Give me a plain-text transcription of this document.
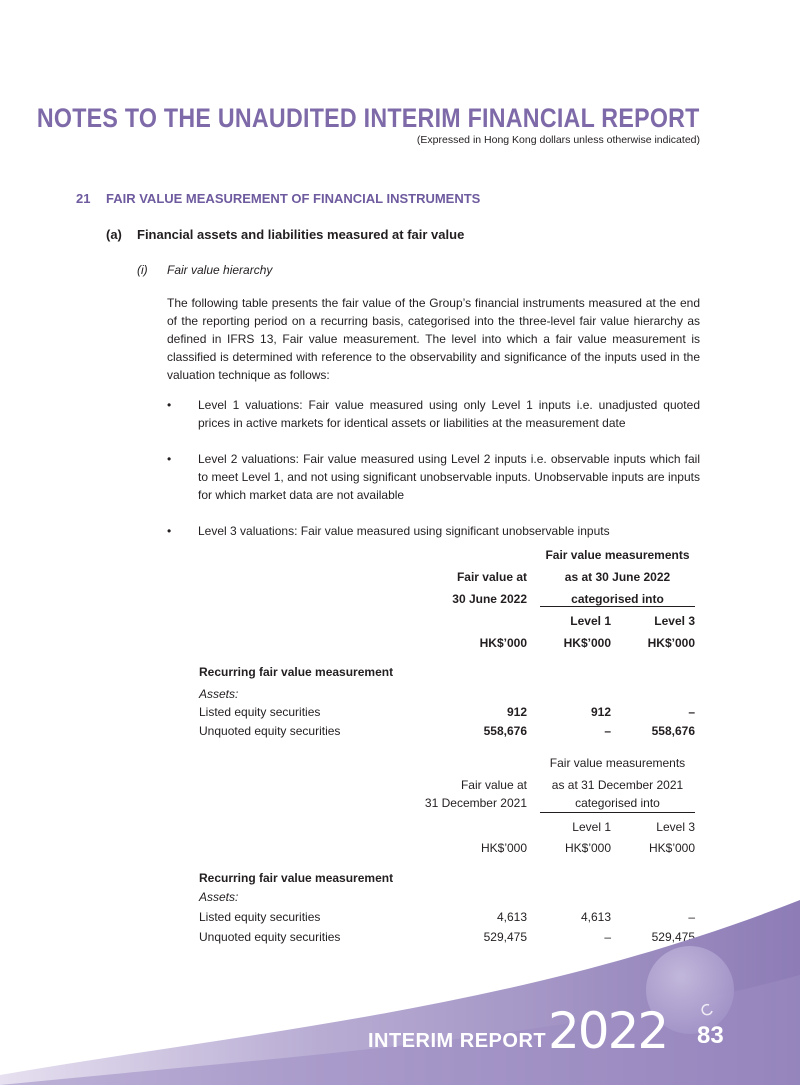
NOTES TO THE UNAUDITED INTERIM FINANCIAL REPORT
(Expressed in Hong Kong dollars unless otherwise indicated)
21 FAIR VALUE MEASUREMENT OF FINANCIAL INSTRUMENTS
(a) Financial assets and liabilities measured at fair value
(i) Fair value hierarchy

The following table presents the fair value of the Group’s financial instruments measured at the end of the reporting period on a recurring basis, categorised into the three-level fair value hierarchy as defined in IFRS 13, Fair value measurement. The level into which a fair value measurement is classified is determined with reference to the observability and significance of the inputs used in the valuation technique as follows:

• Level 1 valuations: Fair value measured using only Level 1 inputs i.e. unadjusted quoted prices in active markets for identical assets or liabilities at the measurement date
• Level 2 valuations: Fair value measured using Level 2 inputs i.e. observable inputs which fail to meet Level 1, and not using significant unobservable inputs. Unobservable inputs are inputs for which market data are not available
• Level 3 valuations: Fair value measured using significant unobservable inputs
Fair value measurements
Fair value at	as at 30 June 2022
30 June 2022	categorised into
Level 1	Level 3
HK$’000	HK$’000	HK$’000
Recurring fair value measurement
Assets:
Listed equity securities	912	912	–
Unquoted equity securities	558,676	–	558,676
Fair value measurements
Fair value at	as at 31 December 2021
31 December 2021	categorised into
Level 1	Level 3
HK$’000	HK$’000	HK$’000
Recurring fair value measurement
Assets:
Listed equity securities	4,613	4,613	–
Unquoted equity securities	529,475	–	529,475
INTERIM REPORT 2022 83
